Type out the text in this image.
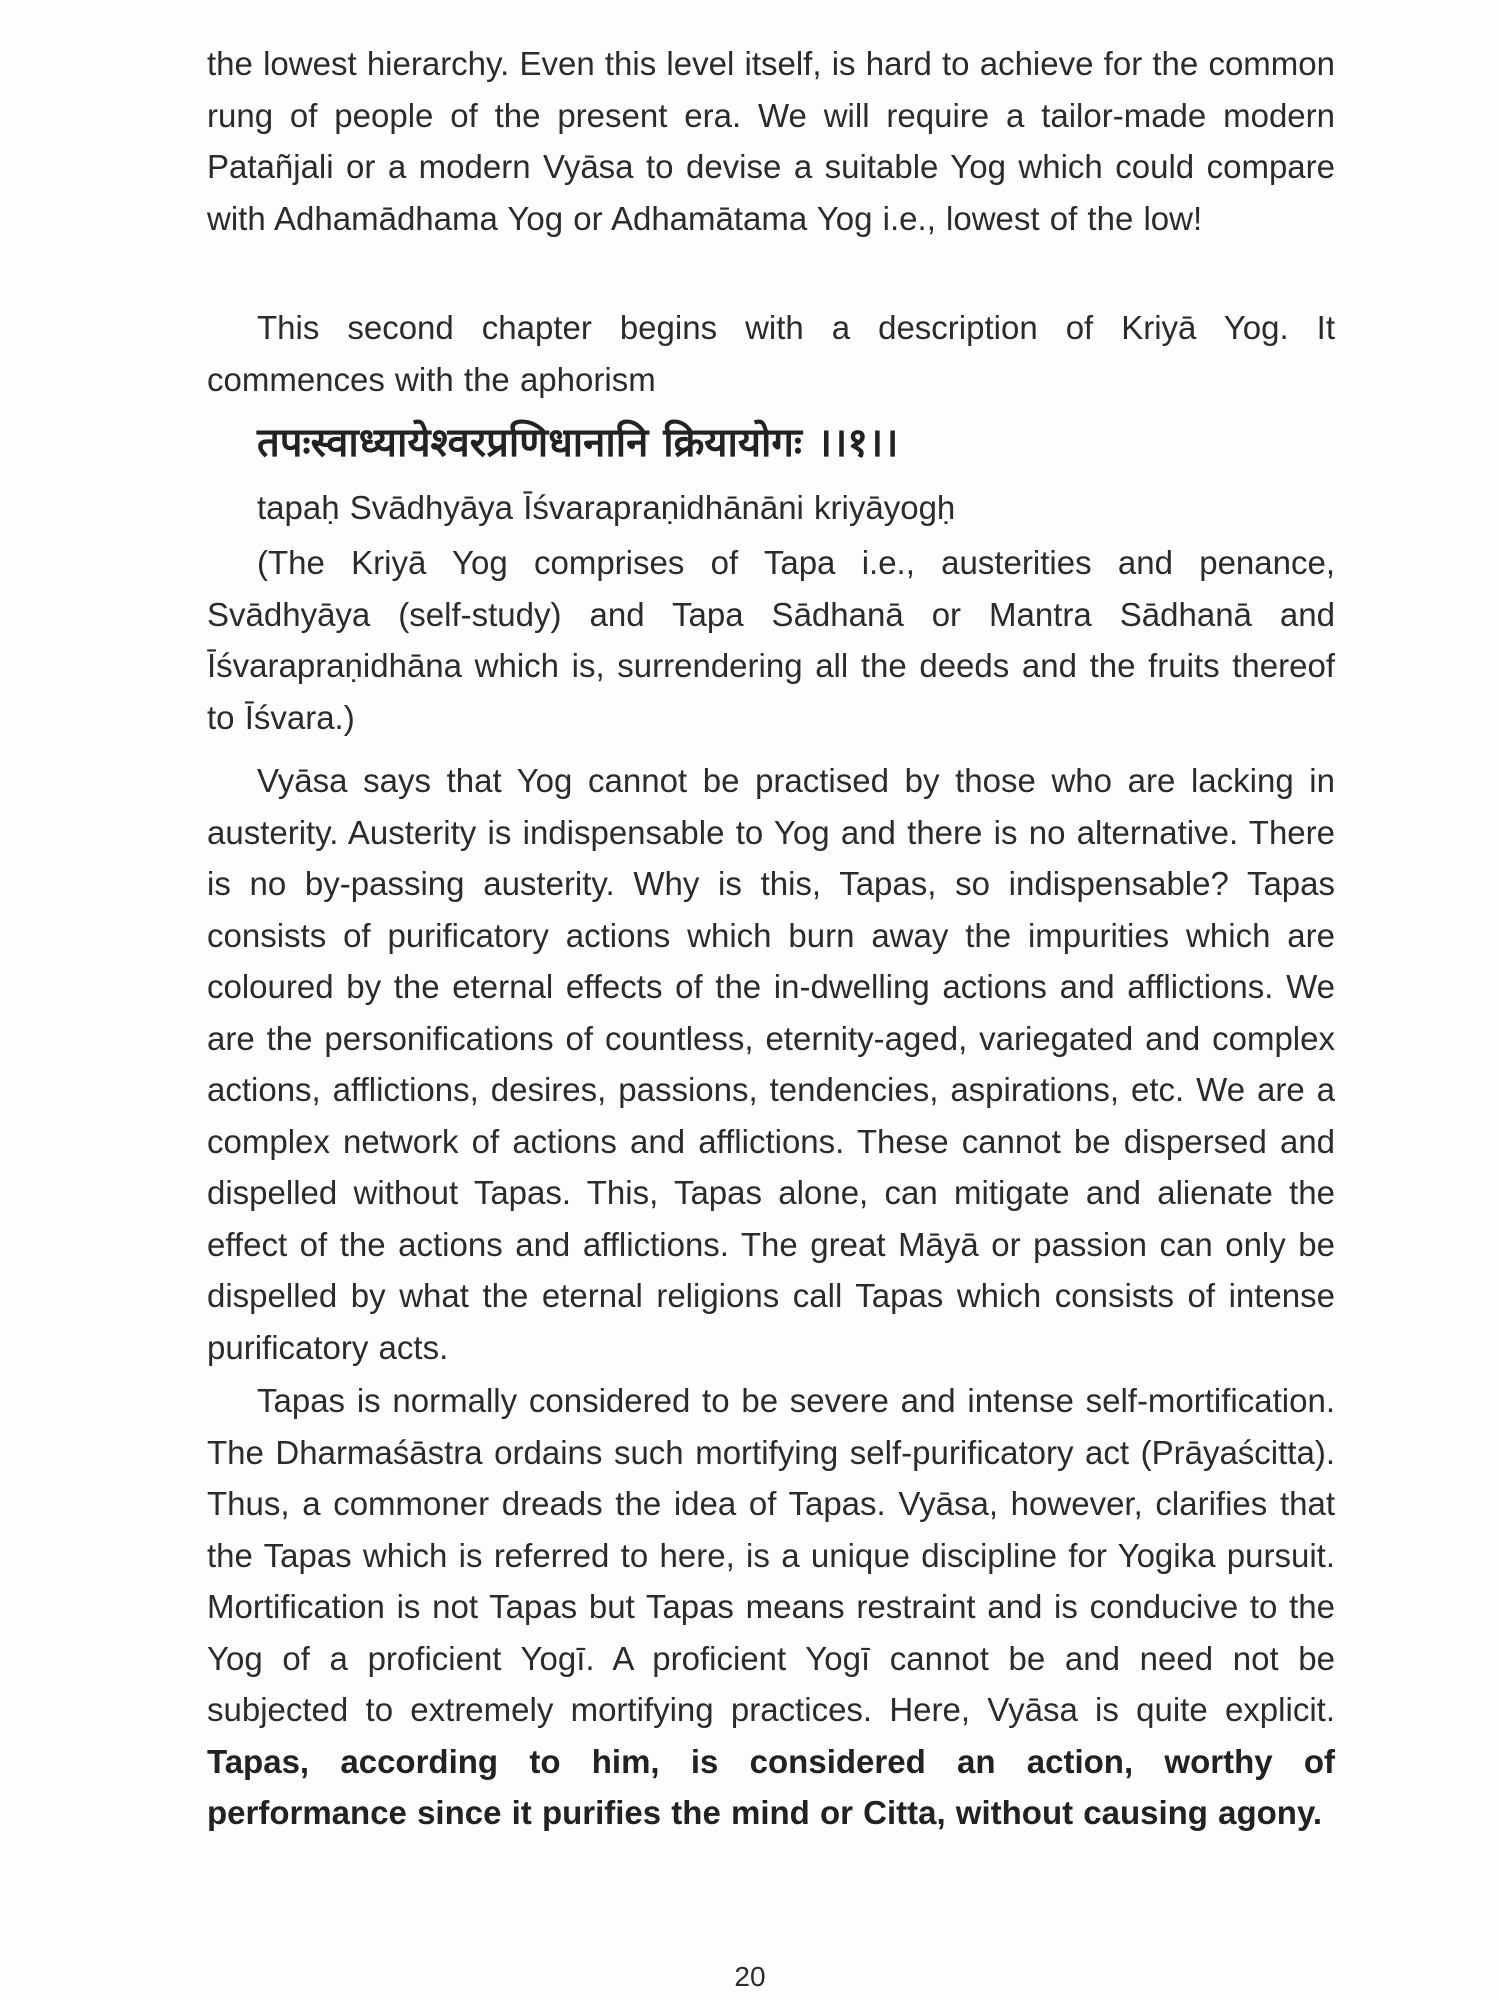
the lowest hierarchy. Even this level itself, is hard to achieve for the common rung of people of the present era. We will require a tailor-made modern Patañjali or a modern Vyāsa to devise a suitable Yog which could compare with Adhamādhama Yog or Adhamātama Yog i.e., lowest of the low!

This second chapter begins with a description of Kriyā Yog. It commences with the aphorism

तपःस्वाध्यायेश्वरप्रणिधानानि क्रियायोगः ।।१।।
tapaḥ Svādhyāya Īśvarapraṇidhānāni kriyāyogḥ

(The Kriyā Yog comprises of Tapa i.e., austerities and penance, Svādhyāya (self-study) and Tapa Sādhanā or Mantra Sādhanā and Īśvarapraṇidhāna which is, surrendering all the deeds and the fruits thereof to Īśvara.)

Vyāsa says that Yog cannot be practised by those who are lacking in austerity. Austerity is indispensable to Yog and there is no alternative. There is no by-passing austerity. Why is this, Tapas, so indispensable? Tapas consists of purificatory actions which burn away the impurities which are coloured by the eternal effects of the in-dwelling actions and afflictions. We are the personifications of countless, eternity-aged, variegated and complex actions, afflictions, desires, passions, tendencies, aspirations, etc. We are a complex network of actions and afflictions. These cannot be dispersed and dispelled without Tapas. This, Tapas alone, can mitigate and alienate the effect of the actions and afflictions. The great Māyā or passion can only be dispelled by what the eternal religions call Tapas which consists of intense purificatory acts.

Tapas is normally considered to be severe and intense self-mortification. The Dharmaśāstra ordains such mortifying self-purificatory act (Prāyaścitta). Thus, a commoner dreads the idea of Tapas. Vyāsa, however, clarifies that the Tapas which is referred to here, is a unique discipline for Yogika pursuit. Mortification is not Tapas but Tapas means restraint and is conducive to the Yog of a proficient Yogī. A proficient Yogī cannot be and need not be subjected to extremely mortifying practices. Here, Vyāsa is quite explicit. Tapas, according to him, is considered an action, worthy of performance since it purifies the mind or Citta, without causing agony.

20
